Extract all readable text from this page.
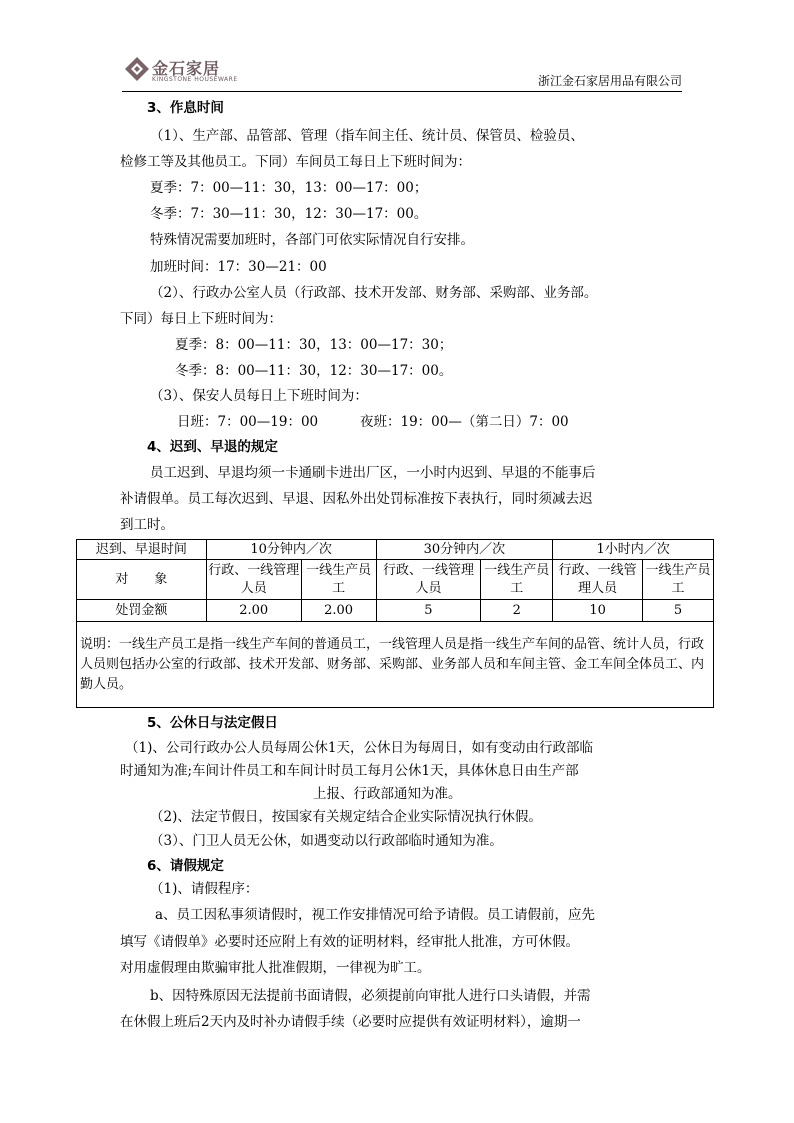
金石家居
KINGSTONE HOUSEWARE	浙江金石家居用品有限公司
3、作息时间
（1）、生产部、品管部、管理（指车间主任、统计员、保管员、检验员、
检修工等及其他员工。下同）车间员工每日上下班时间为：
夏季：7：00—11：30，13：00—17：00；
冬季：7：30—11：30，12：30—17：00。
特殊情况需要加班时，各部门可依实际情况自行安排。
加班时间：17：30—21：00
（2）、行政办公室人员（行政部、技术开发部、财务部、采购部、业务部。
下同）每日上下班时间为：
夏季：8：00—11：30，13：00—17：30；
冬季：8：00—11：30，12：30—17：00。
（3）、保安人员每日上下班时间为：
日班：7：00—19：00	夜班：19：00—（第二日）7：00
4、迟到、早退的规定
员工迟到、早退均须一卡通刷卡进出厂区，一小时内迟到、早退的不能事后
补请假单。员工每次迟到、早退、因私外出处罚标准按下表执行，同时须减去迟
到工时。
迟到、早退时间	10分钟内／次		30分钟内／次		1小时内／次	
对　　象	行政、一线管理人员	一线生产员工	行政、一线管理人员	一线生产员工	行政、一线管理人员	一线生产员工
处罚金额	2.00	2.00	5	2	10	5
说明：一线生产员工是指一线生产车间的普通员工，一线管理人员是指一线生产车间的品管、统计人员，行政人员则包括办公室的行政部、技术开发部、财务部、采购部、业务部人员和车间主管、金工车间全体员工、内勤人员。						
5、公休日与法定假日
（1)、公司行政办公人员每周公休1天，公休日为每周日，如有变动由行政部临
时通知为准;车间计件员工和车间计时员工每月公休1天，具体休息日由生产部
上报、行政部通知为准。
（2)、法定节假日，按国家有关规定结合企业实际情况执行休假。
（3）、门卫人员无公休，如遇变动以行政部临时通知为准。
6、请假规定
（1)、请假程序：
a、员工因私事须请假时，视工作安排情况可给予请假。员工请假前，应先
填写《请假单》必要时还应附上有效的证明材料，经审批人批准，方可休假。
对用虚假理由欺骗审批人批准假期，一律视为旷工。
b、因特殊原因无法提前书面请假，必须提前向审批人进行口头请假，并需
在休假上班后2天内及时补办请假手续（必要时应提供有效证明材料），逾期一
